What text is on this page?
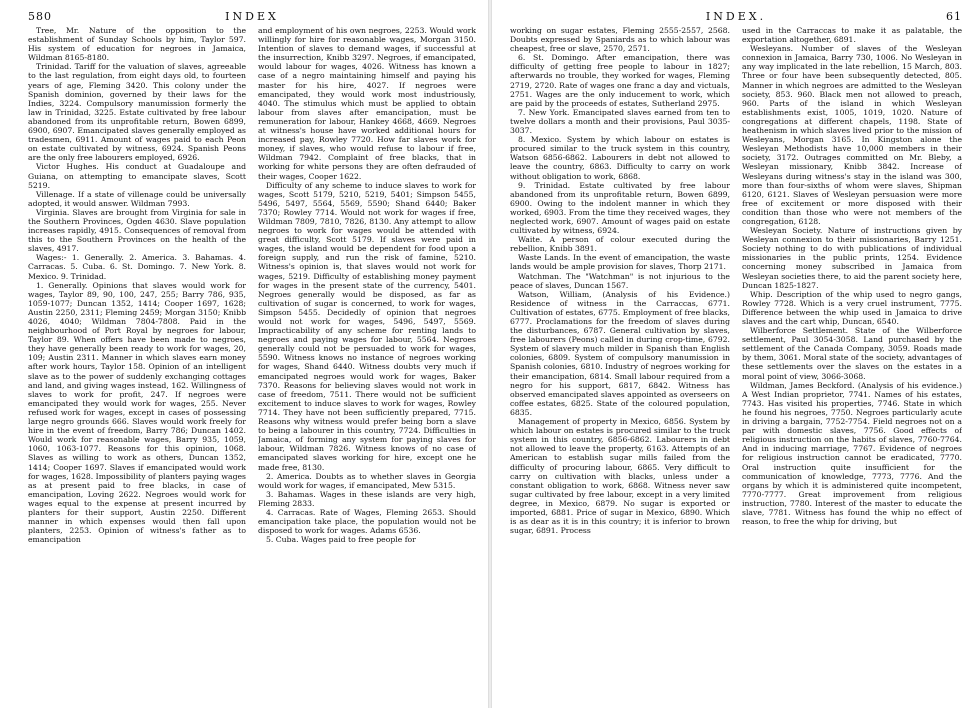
580	INDEX

Tree, Mr. Nature of the opposition to the establishment of Sunday Schools by him, Taylor 597. His system of education for negroes in Jamaica, Wildman 8165-8180.

Trinidad. Tariff for the valuation of slaves, agreeable to the last regulation, from eight days old, to fourteen years of age, Fleming 3420. This colony under the Spanish dominion, governed by their laws for the Indies, 3224. Compulsory manumission formerly the law in Trinidad, 3225. Estate cultivated by free labour abandoned from its unprofitable return, Bowen 6899, 6900, 6907. Emancipated slaves generally employed as tradesmen, 6911. Amount of wages paid to each Peon on estate cultivated by witness, 6924. Spanish Peons are the only free labourers employed, 6926.

Victor Hughes. His conduct at Guadaloupe and Guiana, on attempting to emancipate slaves, Scott 5219.

Villenage. If a state of villenage could be universally adopted, it would answer. Wildman 7993.

Virginia. Slaves are brought from Virginia for sale in the Southern Provinces, Ogden 4630. Slave population increases rapidly, 4915. Consequences of removal from this to the Southern Provinces on the health of the slaves, 4917.

Wages:- 1. Generally. 2. America. 3. Bahamas. 4. Carracas. 5. Cuba. 6. St. Domingo. 7. New York. 8. Mexico. 9. Trinidad.

1. Generally. Opinions that slaves would work for wages, Taylor 89, 90, 100, 247, 255; Barry 786, 935, 1059-1077; Duncan 1352, 1414; Cooper 1697, 1628; Austin 2250, 2311; Fleming 2459; Morgan 3150; Knibb 4026, 4040; Wildman 7804-7808. Paid in the neighbourhood of Port Royal by negroes for labour, Taylor 89. When offers have been made to negroes, they have generally been ready to work for wages, 20, 109; Austin 2311. Manner in which slaves earn money after work hours, Taylor 158. Opinion of an intelligent slave as to the power of suddenly exchanging cottages and land, and giving wages instead, 162. Willingness of slaves to work for profit, 247. If negroes were emancipated they would work for wages, 255. Never refused work for wages, except in cases of possessing large negro grounds 666. Slaves would work freely for hire in the event of freedom, Barry 786; Duncan 1402. Would work for reasonable wages, Barry 935, 1059, 1060, 1063-1077. Reasons for this opinion, 1068. Slaves as willing to work as others, Duncan 1352, 1414; Cooper 1697. Slaves if emancipated would work for wages, 1628. Impossibility of planters paying wages as at present paid to free blacks, in case of emancipation, Loving 2622. Negroes would work for wages equal to the expense at present incurred by planters for their support, Austin 2250. Different manner in which expenses would then fall upon planters, 2253. Opinion of witness's father as to emancipation

and employment of his own negroes, 2253. Would work willingly for hire for reasonable wages, Morgan 3150. Intention of slaves to demand wages, if successful at the insurrection, Knibb 3297. Negroes, if emancipated, would labour for wages, 4026. Witness has known a case of a negro maintaining himself and paying his master for his hire, 4027. If negroes were emancipated, they would work most industriously, 4040. The stimulus which must be applied to obtain labour from slaves after emancipation, must be remuneration for labour, Hankey 4668, 4669. Negroes at witness's house have worked additional hours for increased pay, Rowley 7720. How far slaves work for money, if slaves, who would refuse to labour if free, Wildman 7942. Complaint of free blacks, that in working for white persons they are often defrauded of their wages, Cooper 1622.

Difficulty of any scheme to induce slaves to work for wages, Scott 5179, 5210, 5219, 5401; Simpson 5455, 5496, 5497, 5564, 5569, 5590; Shand 6440; Baker 7370; Rowley 7714. Would not work for wages if free, Wildman 7809, 7810, 7826, 8130. Any attempt to allow negroes to work for wages would be attended with great difficulty, Scott 5179. If slaves were paid in wages, the island would be dependent for food upon a foreign supply, and run the risk of famine, 5210. Witness's opinion is, that slaves would not work for wages, 5219. Difficulty of establishing money payment for wages in the present state of the currency, 5401. Negroes generally would be disposed, as far as cultivation of sugar is concerned, to work for wages, Simpson 5455. Decidedly of opinion that negroes would not work for wages, 5496, 5497, 5569. Impracticability of any scheme for renting lands to negroes and paying wages for labour, 5564. Negroes generally could not be persuaded to work for wages, 5590. Witness knows no instance of negroes working for wages, Shand 6440. Witness doubts very much if emancipated negroes would work for wages, Baker 7370. Reasons for believing slaves would not work in case of freedom, 7511. There would not be sufficient excitement to induce slaves to work for wages, Rowley 7714. They have not been sufficiently prepared, 7715. Reasons why witness would prefer being born a slave to being a labourer in this country, 7724. Difficulties in Jamaica, of forming any system for paying slaves for labour, Wildman 7826. Witness knows of no case of emancipated slaves working for hire, except one he made free, 8130.

2. America. Doubts as to whether slaves in Georgia would work for wages, if emancipated, Mew 5315.

3. Bahamas. Wages in these islands are very high, Fleming 2833.

4. Carracas. Rate of Wages, Fleming 2653. Should emancipation take place, the population would not be disposed to work for wages. Adams 6536.

5. Cuba. Wages paid to free people for

INDEX.	61

working on sugar estates, Fleming 2555-2557, 2568. Doubts expressed by Spaniards as to which labour was cheapest, free or slave, 2570, 2571.

6. St. Domingo. After emancipation, there was difficulty of getting free people to labour in 1827; afterwards no trouble, they worked for wages, Fleming 2719, 2720. Rate of wages one franc a day and victuals, 2751. Wages are the only inducement to work, which are paid by the proceeds of estates, Sutherland 2975.

7. New York. Emancipated slaves earned from ten to twelve dollars a month and their provisions, Paul 3035-3037.

8. Mexico. System by which labour on estates is procured similar to the truck system in this country, Watson 6856-6862. Labourers in debt not allowed to leave the country, 6863. Difficulty to carry on work without obligation to work, 6868.

9. Trinidad. Estate cultivated by free labour abandoned from its unprofitable return, Bowen 6899, 6900. Owing to the indolent manner in which they worked, 6903. From the time they received wages, they neglected work, 6907. Amount of wages paid on estate cultivated by witness, 6924.

Waite. A person of colour executed during the rebellion, Knibb 3891.

Waste Lands. In the event of emancipation, the waste lands would be ample provision for slaves, Thorp 2171.

Watchman. The "Watchman" is not injurious to the peace of slaves, Duncan 1567.

Watson, William, (Analysis of his Evidence.) Residence of witness in the Carraccas, 6771. Cultivation of estates, 6775. Employment of free blacks, 6777. Proclamations for the freedom of slaves during the disturbances, 6787. General cultivation by slaves, free labourers (Peons) called in during crop-time, 6792. System of slavery much milder in Spanish than English colonies, 6809. System of compulsory manumission in Spanish colonies, 6810. Industry of negroes working for their emancipation, 6814. Small labour required from a negro for his support, 6817, 6842. Witness has observed emancipated slaves appointed as overseers on coffee estates, 6825. State of the coloured population, 6835.

Management of property in Mexico, 6856. System by which labour on estates is procured similar to the truck system in this country, 6856-6862. Labourers in debt not allowed to leave the property, 6163. Attempts of an American to establish sugar mills failed from the difficulty of procuring labour, 6865. Very difficult to carry on cultivation with blacks, unless under a constant obligation to work, 6868. Witness never saw sugar cultivated by free labour, except in a very limited degree, in Mexico, 6879. No sugar is exported or imported, 6881. Price of sugar in Mexico, 6890. Which is as dear as it is in this country; it is inferior to brown sugar, 6891. Process

used in the Carraccas to make it as palatable, the exportation altogether, 6891.

Wesleyans. Number of slaves of the Wesleyan connexion in Jamaica, Barry 730, 1006. No Wesleyan in any way implicated in the late rebellion, 15 March, 803. Three or four have been subsequently detected, 805. Manner in which negroes are admitted to the Wesleyan society, 853. 960. Black men not allowed to preach, 960. Parts of the island in which Wesleyan establishments exist, 1005, 1019, 1020. Nature of congregations at different chapels, 1198. State of heathenism in which slaves lived prior to the mission of Wesleyans, Morgan 3165. In Kingston alone the Wesleyan Methodists have 10,000 members in their society, 3172. Outrages committed on Mr. Bleby, a Wesleyan missionary, Knibb 3842. Increase of Wesleyans during witness's stay in the island was 300, more than four-sixths of whom were slaves, Shipman 6120, 6121. Slaves of Wesleyan persuasion were more free of excitement or more disposed with their condition than those who were not members of the congregation, 6128.

Wesleyan Society. Nature of instructions given by Wesleyan connexion to their missionaries, Barry 1251. Society nothing to do with publications of individual missionaries in the public prints, 1254. Evidence concerning money subscribed in Jamaica from Wesleyan societies there, to aid the parent society here, Duncan 1825-1827.

Whip. Description of the whip used to negro gangs, Rowley 7728. Which is a very cruel instrument, 7775. Difference between the whip used in Jamaica to drive slaves and the cart whip, Duncan, 6540.

Wilberforce Settlement. State of the Wilberforce settlement, Paul 3054-3058. Land purchased by the settlement of the Canada Company, 3059. Roads made by them, 3061. Moral state of the society, advantages of these settlements over the slaves on the estates in a moral point of view, 3066-3068.

Wildman, James Beckford. (Analysis of his evidence.) A West Indian proprietor, 7741. Names of his estates, 7743. Has visited his properties, 7746. State in which he found his negroes, 7750. Negroes particularly acute in driving a bargain, 7752-7754. Field negroes not on a par with domestic slaves, 7756. Good effects of religious instruction on the habits of slaves, 7760-7764. And in inducing marriage, 7767. Evidence of negroes for religious instruction cannot be eradicated, 7770. Oral instruction quite insufficient for the communication of knowledge, 7773, 7776. And the organs by which it is administered quite incompetent, 7770-7777. Great improvement from religious instruction, 7780. Interest of the master to educate the slave, 7781. Witness has found the whip no effect of reason, to free the whip for driving, but
